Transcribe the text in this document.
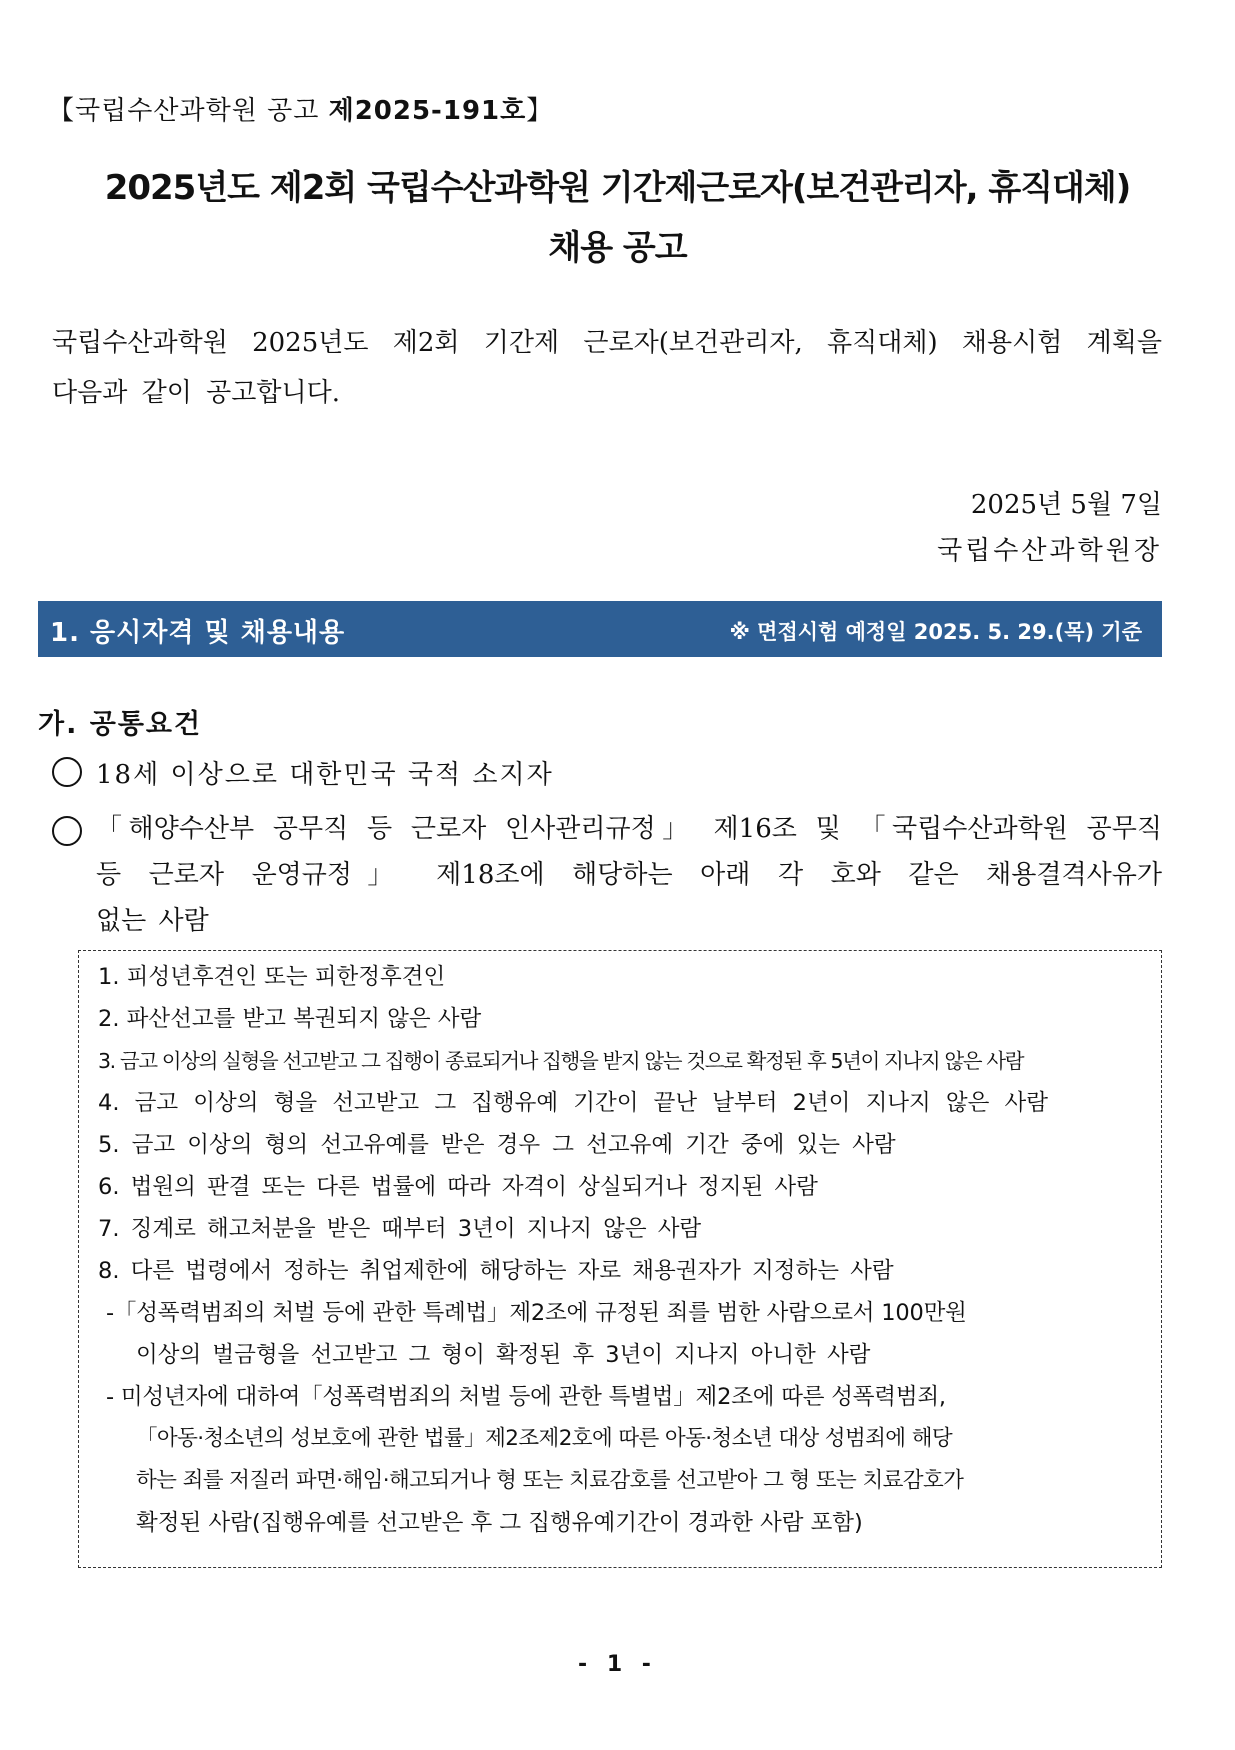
【국립수산과학원 공고 제2025-191호】
2025년도 제2회 국립수산과학원 기간제근로자(보건관리자, 휴직대체)
채용 공고
국립수산과학원 2025년도 제2회 기간제 근로자(보건관리자, 휴직대체) 채용시험 계획을
다음과 같이 공고합니다.
2025년 5월 7일
국립수산과학원장
1. 응시자격 및 채용내용	※ 면접시험 예정일 2025. 5. 29.(목) 기준
가. 공통요건
18세 이상으로 대한민국 국적 소지자
「해양수산부 공무직 등 근로자 인사관리규정」 제16조 및 「국립수산과학원 공무직
등 근로자 운영규정」 제18조에 해당하는 아래 각 호와 같은 채용결격사유가
없는 사람
1. 피성년후견인 또는 피한정후견인
2. 파산선고를 받고 복권되지 않은 사람
3. 금고 이상의 실형을 선고받고 그 집행이 종료되거나 집행을 받지 않는 것으로 확정된 후 5년이 지나지 않은 사람
4. 금고 이상의 형을 선고받고 그 집행유예 기간이 끝난 날부터 2년이 지나지 않은 사람
5. 금고 이상의 형의 선고유예를 받은 경우 그 선고유예 기간 중에 있는 사람
6. 법원의 판결 또는 다른 법률에 따라 자격이 상실되거나 정지된 사람
7. 징계로 해고처분을 받은 때부터 3년이 지나지 않은 사람
8. 다른 법령에서 정하는 취업제한에 해당하는 자로 채용권자가 지정하는 사람
-「성폭력범죄의 처벌 등에 관한 특례법」제2조에 규정된 죄를 범한 사람으로서 100만원
이상의 벌금형을 선고받고 그 형이 확정된 후 3년이 지나지 아니한 사람
- 미성년자에 대하여「성폭력범죄의 처벌 등에 관한 특별법」제2조에 따른 성폭력범죄,
「아동·청소년의 성보호에 관한 법률」제2조제2호에 따른 아동·청소년 대상 성범죄에 해당
하는 죄를 저질러 파면·해임·해고되거나 형 또는 치료감호를 선고받아 그 형 또는 치료감호가
확정된 사람(집행유예를 선고받은 후 그 집행유예기간이 경과한 사람 포함)
- 1 -
